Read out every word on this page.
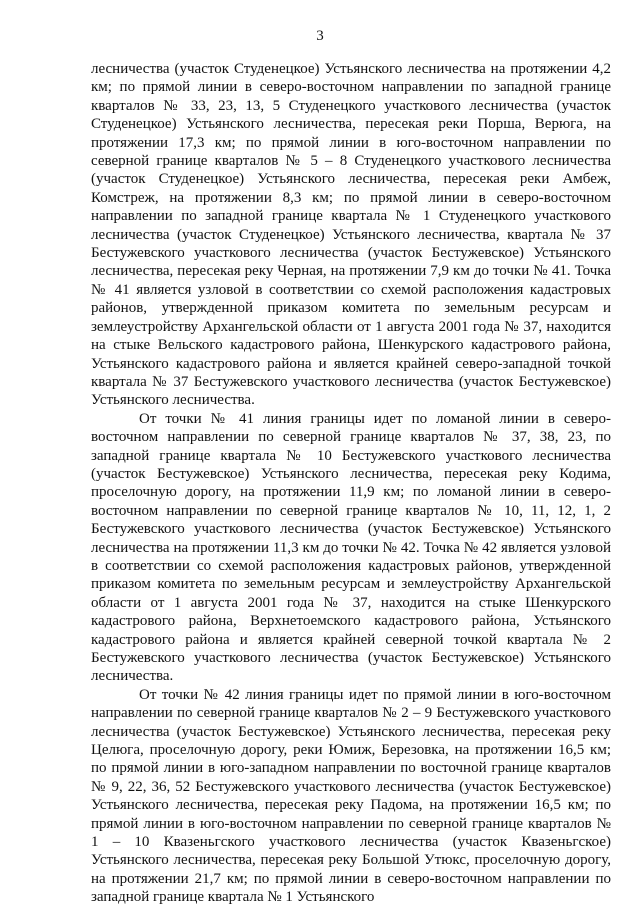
3

лесничества (участок Студенецкое) Устьянского лесничества на протяжении 4,2 км; по прямой линии в северо-восточном направлении по западной границе кварталов № 33, 23, 13, 5 Студенецкого участкового лесничества (участок Студенецкое) Устьянского лесничества, пересекая реки Порша, Верюга, на протяжении 17,3 км; по прямой линии в юго-восточном направлении по северной границе кварталов № 5 – 8 Студенецкого участкового лесничества (участок Студенецкое) Устьянского лесничества, пересекая реки Амбеж, Комстреж, на протяжении 8,3 км; по прямой линии в северо-восточном направлении по западной границе квартала № 1 Студенецкого участкового лесничества (участок Студенецкое) Устьянского лесничества, квартала № 37 Бестужевского участкового лесничества (участок Бестужевское) Устьянского лесничества, пересекая реку Черная, на протяжении 7,9 км до точки № 41. Точка № 41 является узловой в соответствии со схемой расположения кадастровых районов, утвержденной приказом комитета по земельным ресурсам и землеустройству Архангельской области от 1 августа 2001 года № 37, находится на стыке Вельского кадастрового района, Шенкурского кадастрового района, Устьянского кадастрового района и является крайней северо-западной точкой квартала № 37 Бестужевского участкового лесничества (участок Бестужевское) Устьянского лесничества.

От точки № 41 линия границы идет по ломаной линии в северо-восточном направлении по северной границе кварталов № 37, 38, 23, по западной границе квартала № 10 Бестужевского участкового лесничества (участок Бестужевское) Устьянского лесничества, пересекая реку Кодима, проселочную дорогу, на протяжении 11,9 км; по ломаной линии в северо-восточном направлении по северной границе кварталов № 10, 11, 12, 1, 2 Бестужевского участкового лесничества (участок Бестужевское) Устьянского лесничества на протяжении 11,3 км до точки № 42. Точка № 42 является узловой в соответствии со схемой расположения кадастровых районов, утвержденной приказом комитета по земельным ресурсам и землеустройству Архангельской области от 1 августа 2001 года № 37, находится на стыке Шенкурского кадастрового района, Верхнетоемского кадастрового района, Устьянского кадастрового района и является крайней северной точкой квартала № 2 Бестужевского участкового лесничества (участок Бестужевское) Устьянского лесничества.

От точки № 42 линия границы идет по прямой линии в юго-восточном направлении по северной границе кварталов № 2 – 9 Бестужевского участкового лесничества (участок Бестужевское) Устьянского лесничества, пересекая реку Целюга, проселочную дорогу, реки Юмиж, Березовка, на протяжении 16,5 км; по прямой линии в юго-западном направлении по восточной границе кварталов № 9, 22, 36, 52 Бестужевского участкового лесничества (участок Бестужевское) Устьянского лесничества, пересекая реку Падома, на протяжении 16,5 км; по прямой линии в юго-восточном направлении по северной границе кварталов № 1 – 10 Квазеньгского участкового лесничества (участок Квазеньгское) Устьянского лесничества, пересекая реку Большой Утюкс, проселочную дорогу, на протяжении 21,7 км; по прямой линии в северо-восточном направлении по западной границе квартала № 1 Устьянского
